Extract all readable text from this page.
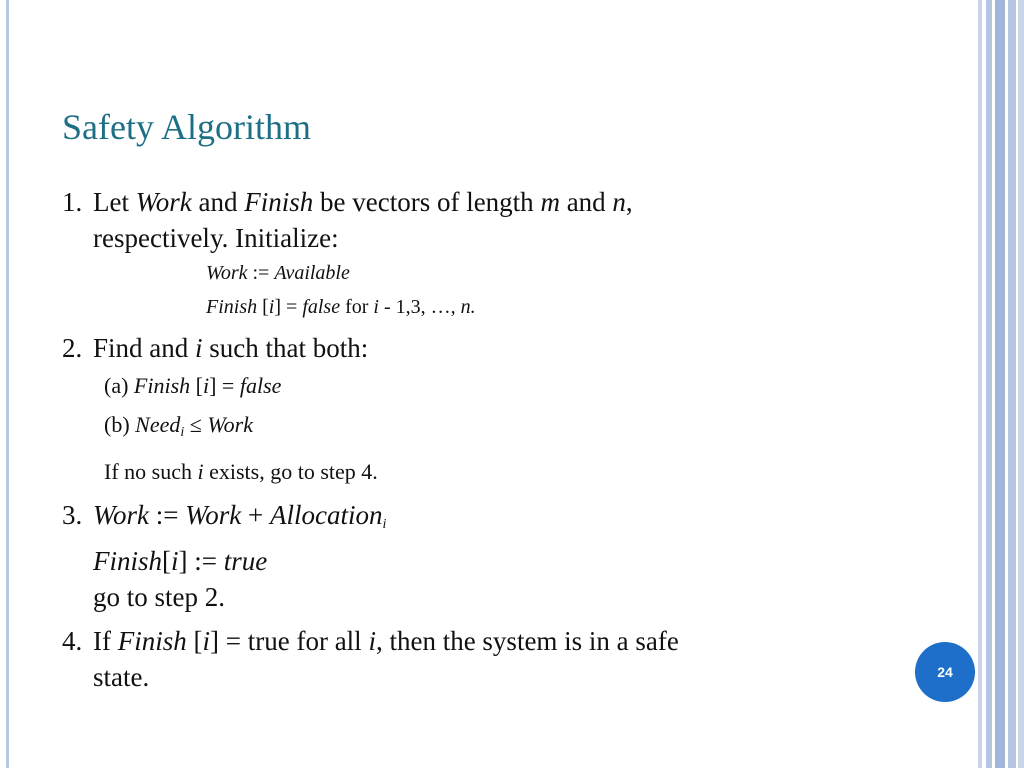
Safety Algorithm
1. Let Work and Finish be vectors of length m and n,
respectively. Initialize:
Work := Available
Finish [i] = false for i - 1,3, …, n.
2. Find and i such that both:
(a) Finish [i] = false
(b) Need$_i$ ≤ Work
If no such i exists, go to step 4.
3. Work := Work + Allocation$_i$
Finish[i] := true
go to step 2.
4. If Finish [i] = true for all i, then the system is in a safe
state.	24
